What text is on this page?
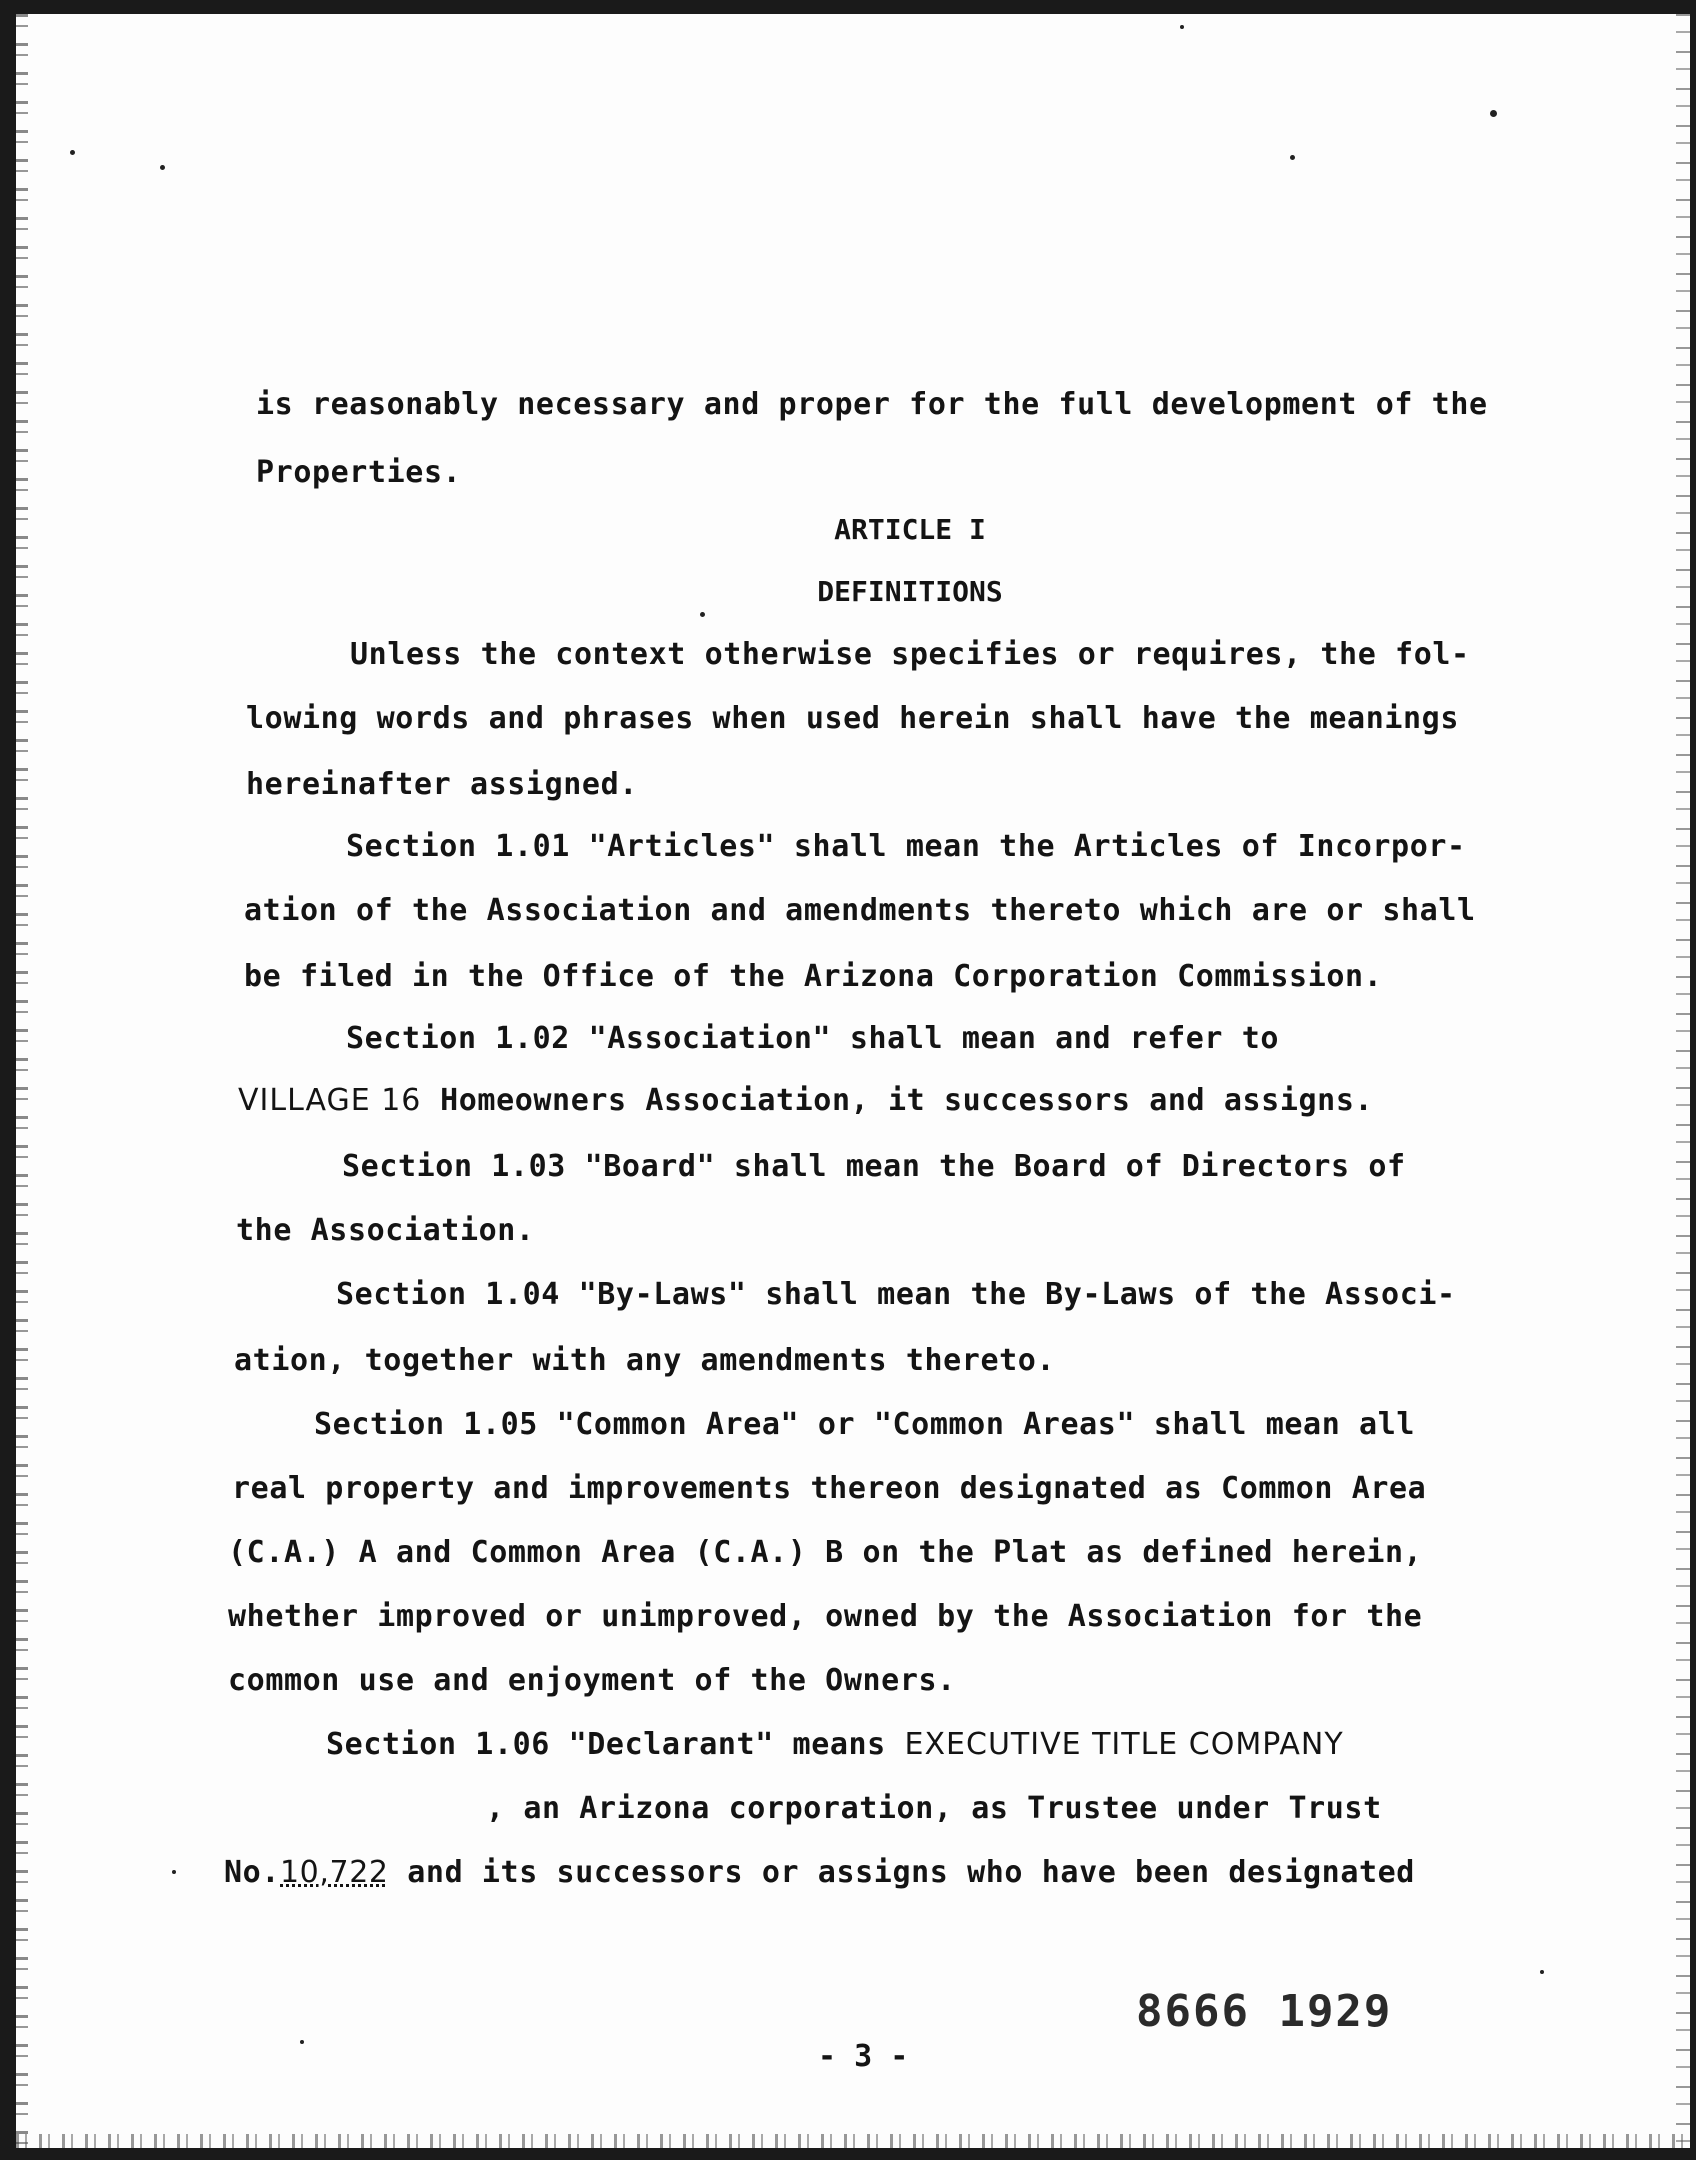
is reasonably necessary and proper for the full development of the
Properties.
ARTICLE I
DEFINITIONS
Unless the context otherwise specifies or requires, the fol-
lowing words and phrases when used herein shall have the meanings
hereinafter assigned.
Section 1.01 "Articles" shall mean the Articles of Incorpor-
ation of the Association and amendments thereto which are or shall
be filed in the Office of the Arizona Corporation Commission.
Section 1.02 "Association" shall mean and refer to
VILLAGE 16 Homeowners Association, it successors and assigns.
Section 1.03 "Board" shall mean the Board of Directors of
the Association.
Section 1.04 "By-Laws" shall mean the By-Laws of the Associ-
ation, together with any amendments thereto.
Section 1.05 "Common Area" or "Common Areas" shall mean all
real property and improvements thereon designated as Common Area
(C.A.) A and Common Area (C.A.) B on the Plat as defined herein,
whether improved or unimproved, owned by the Association for the
common use and enjoyment of the Owners.
Section 1.06 "Declarant" means EXECUTIVE TITLE COMPANY
, an Arizona corporation, as Trustee under Trust
No.10,722 and its successors or assigns who have been designated
- 3 -
8666 1929
